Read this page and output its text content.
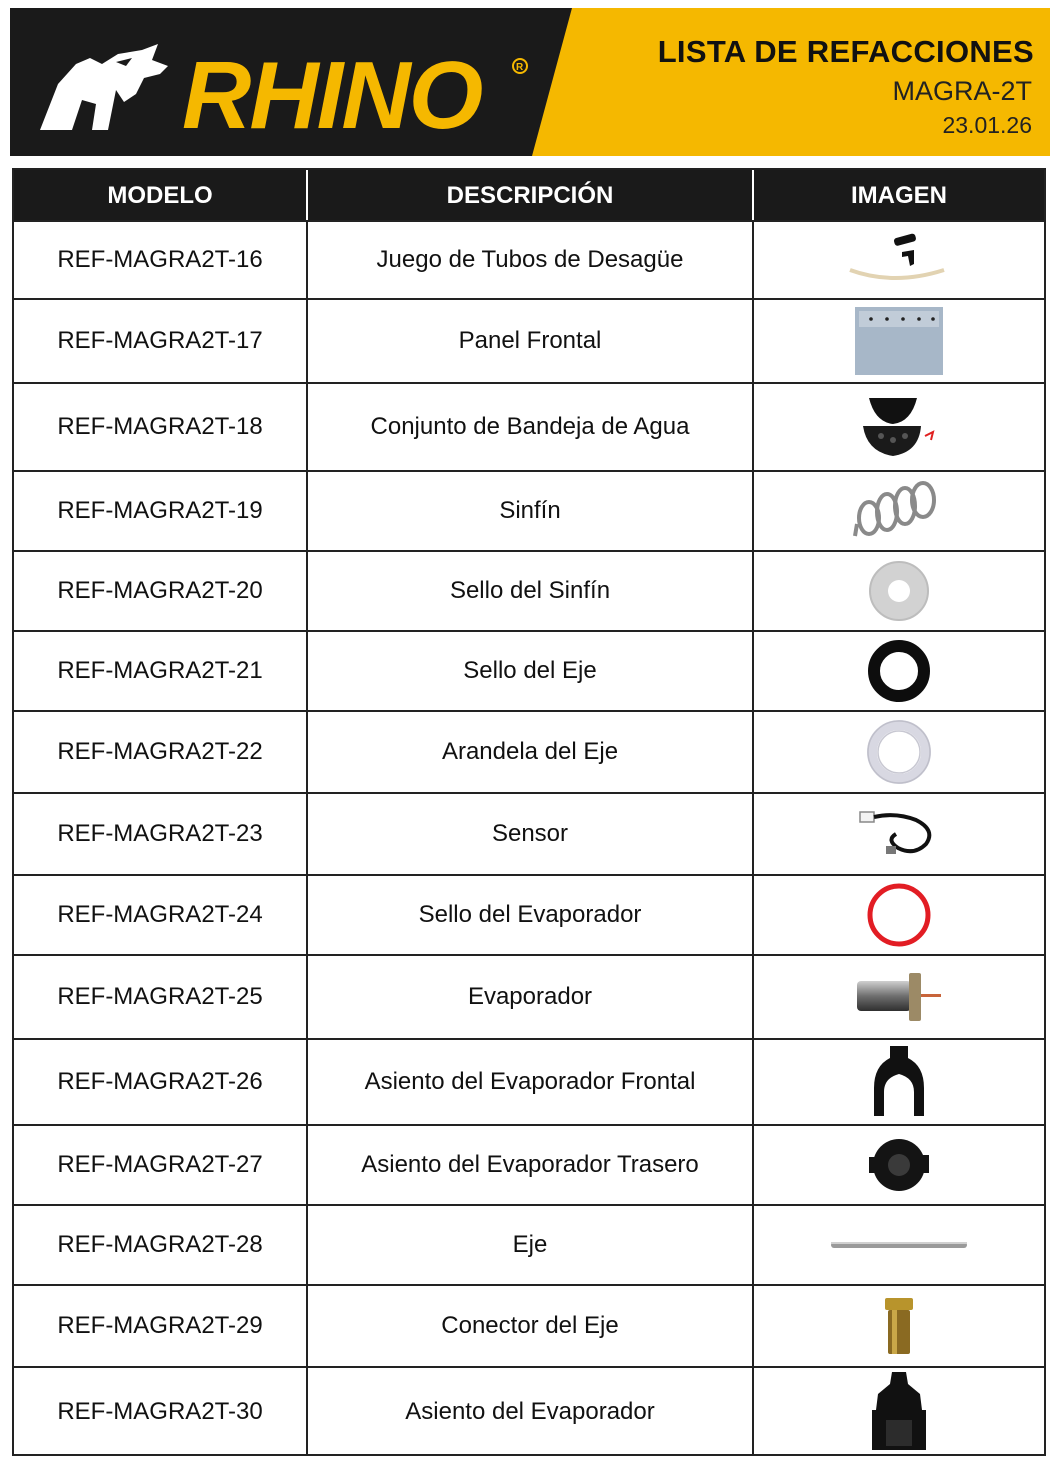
RHINO	R	LISTA DE REFACCIONES
MAGRA-2T
23.01.26
MODELO	DESCRIPCIÓN	IMAGEN
REF-MAGRA2T-16	Juego de Tubos de Desagüe
REF-MAGRA2T-17	Panel Frontal
REF-MAGRA2T-18	Conjunto de Bandeja de Agua
REF-MAGRA2T-19	Sinfín
REF-MAGRA2T-20	Sello del Sinfín
REF-MAGRA2T-21	Sello del Eje
REF-MAGRA2T-22	Arandela del Eje
REF-MAGRA2T-23	Sensor
REF-MAGRA2T-24	Sello del Evaporador
REF-MAGRA2T-25	Evaporador
REF-MAGRA2T-26	Asiento del Evaporador Frontal
REF-MAGRA2T-27	Asiento del Evaporador Trasero
REF-MAGRA2T-28	Eje
REF-MAGRA2T-29	Conector del Eje
REF-MAGRA2T-30	Asiento del Evaporador
